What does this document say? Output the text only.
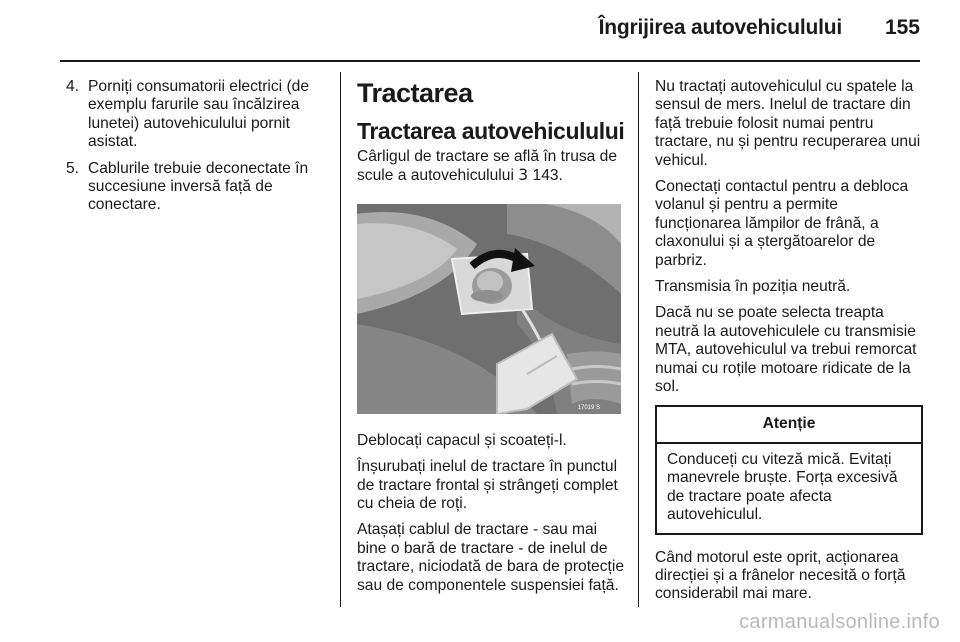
Îngrijirea autovehiculului 155
4. Porniți consumatorii electrici (de exemplu farurile sau încălzirea lunetei) autovehiculului pornit asistat.
5. Cablurile trebuie deconectate în succesiune inversă față de conectare.
Tractarea
Tractarea autovehiculului

Cârligul de tractare se află în trusa de scule a autovehiculului 3 143.

17019 S

Deblocați capacul și scoateți-l.

Înșurubați inelul de tractare în punctul de tractare frontal și strângeți complet cu cheia de roți.

Atașați cablul de tractare - sau mai bine o bară de tractare - de inelul de tractare, niciodată de bara de protecție sau de componentele suspensiei față.

Nu tractați autovehiculul cu spatele la sensul de mers. Inelul de tractare din față trebuie folosit numai pentru tractare, nu și pentru recuperarea unui vehicul.

Conectați contactul pentru a debloca volanul și pentru a permite funcționarea lămpilor de frână, a claxonului și a ștergătoarelor de parbriz.

Transmisia în poziția neutră.

Dacă nu se poate selecta treapta neutră la autovehiculele cu transmisie MTA, autovehiculul va trebui remorcat numai cu roțile motoare ridicate de la sol.

Atenție
Conduceți cu viteză mică. Evitați manevrele bruște. Forța excesivă de tractare poate afecta autovehiculul.

Când motorul este oprit, acționarea direcției și a frânelor necesită o forță considerabil mai mare.

carmanualsonline.info
